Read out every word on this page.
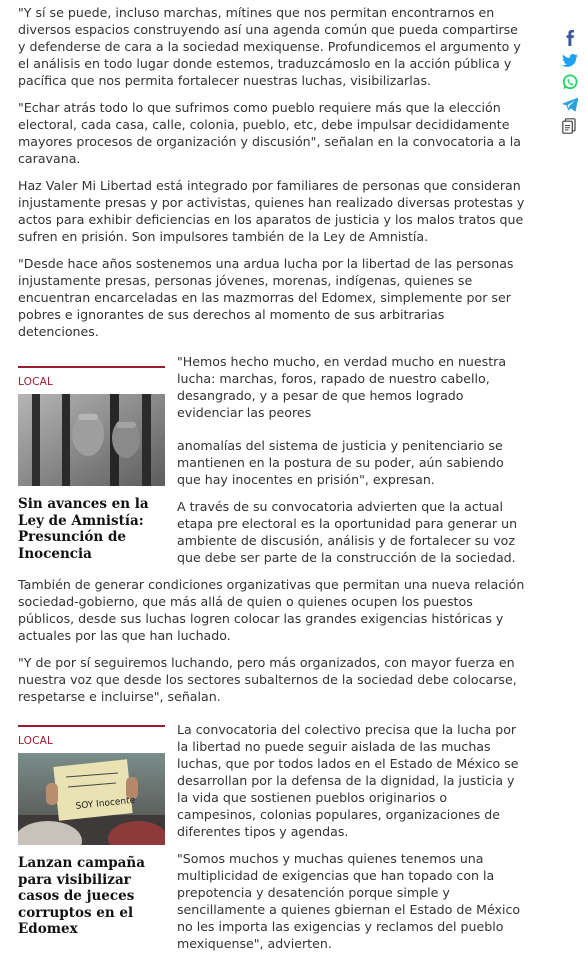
"Y sí se puede, incluso marchas, mítines que nos permitan encontrarnos en diversos espacios construyendo así una agenda común que pueda compartirse y defenderse de cara a la sociedad mexiquense. Profundicemos el argumento y el análisis en todo lugar donde estemos, traduzcámoslo en la acción pública y pacífica que nos permita fortalecer nuestras luchas, visibilizarlas.

"Echar atrás todo lo que sufrimos como pueblo requiere más que la elección electoral, cada casa, calle, colonia, pueblo, etc, debe impulsar decididamente mayores procesos de organización y discusión", señalan en la convocatoria a la caravana.

Haz Valer Mi Libertad está integrado por familiares de personas que consideran injustamente presas y por activistas, quienes han realizado diversas protestas y actos para exhibir deficiencias en los aparatos de justicia y los malos tratos que sufren en prisión. Son impulsores también de la Ley de Amnistía.

"Desde hace años sostenemos una ardua lucha por la libertad de las personas injustamente presas, personas jóvenes, morenas, indígenas, quienes se encuentran encarceladas en las mazmorras del Edomex, simplemente por ser pobres e ignorantes de sus derechos al momento de sus arbitrarias detenciones.

LOCAL
Sin avances en la Ley de Amnistía: Presunción de Inocencia

"Hemos hecho mucho, en verdad mucho en nuestra lucha: marchas, foros, rapado de nuestro cabello, desangrado, y a pesar de que hemos logrado evidenciar las peores

anomalías del sistema de justicia y penitenciario se mantienen en la postura de su poder, aún sabiendo que hay inocentes en prisión", expresan.

A través de su convocatoria advierten que la actual etapa pre electoral es la oportunidad para generar un ambiente de discusión, análisis y de fortalecer su voz que debe ser parte de la construcción de la sociedad.

También de generar condiciones organizativas que permitan una nueva relación sociedad-gobierno, que más allá de quien o quienes ocupen los puestos públicos, desde sus luchas logren colocar las grandes exigencias históricas y actuales por las que han luchado.

"Y de por sí seguiremos luchando, pero más organizados, con mayor fuerza en nuestra voz que desde los sectores subalternos de la sociedad debe colocarse, respetarse e incluirse", señalan.

LOCAL
SOY Inocente
Lanzan campaña para visibilizar casos de jueces corruptos en el Edomex

La convocatoria del colectivo precisa que la lucha por la libertad no puede seguir aislada de las muchas luchas, que por todos lados en el Estado de México se desarrollan por la defensa de la dignidad, la justicia y la vida que sostienen pueblos originarios o campesinos, colonias populares, organizaciones de diferentes tipos y agendas.

"Somos muchos y muchas quienes tenemos una multiplicidad de exigencias que han topado con la prepotencia y desatención porque simple y sencillamente a quienes gbiernan el Estado de México no les importa las exigencias y reclamos del pueblo mexiquense", advierten.
